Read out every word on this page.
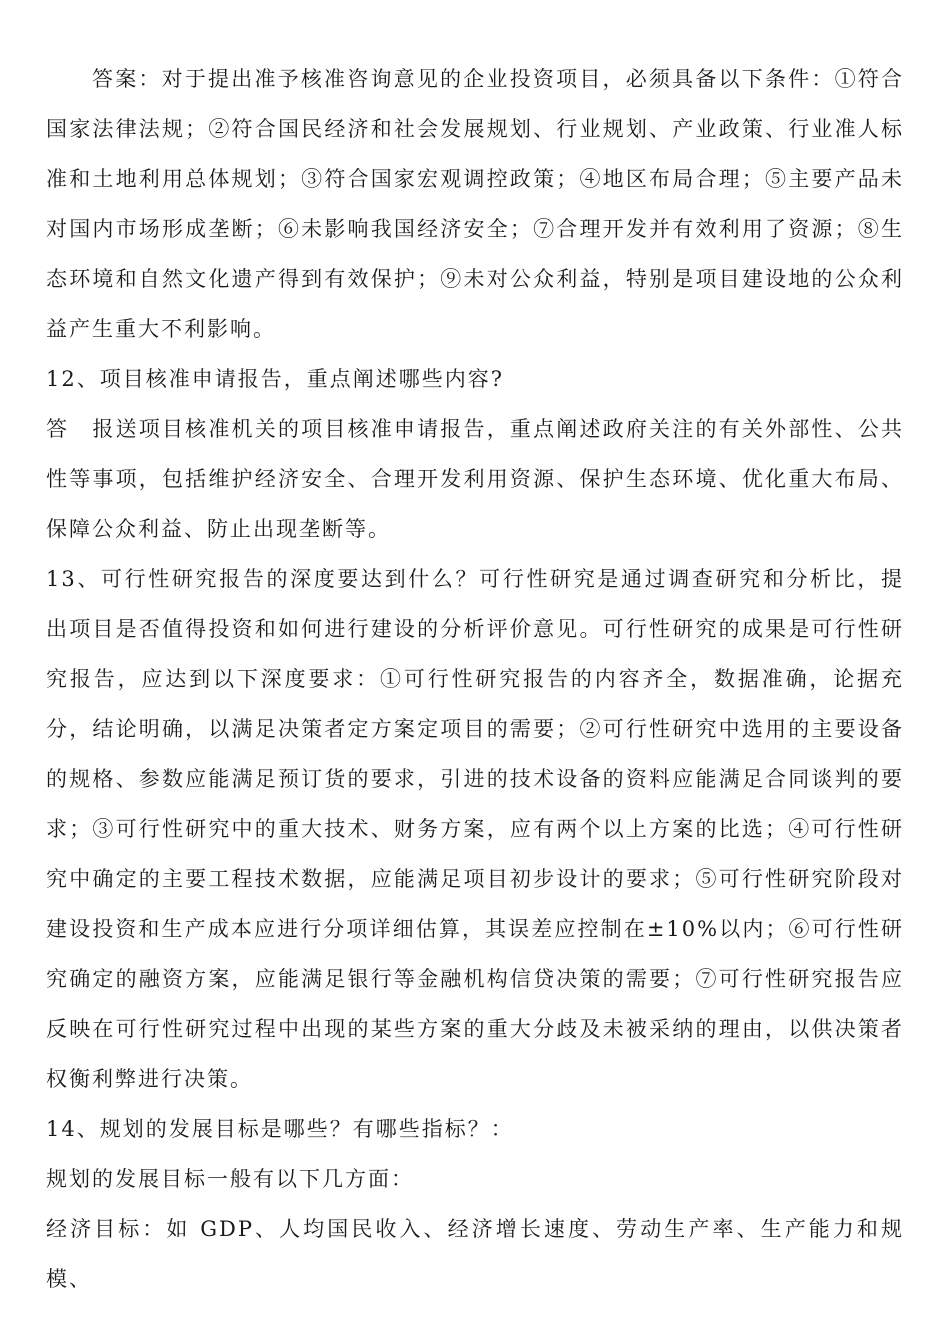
答案：对于提出准予核准咨询意见的企业投资项目，必须具备以下条件：①符合国家法律法规；②符合国民经济和社会发展规划、行业规划、产业政策、行业准人标准和土地利用总体规划；③符合国家宏观调控政策；④地区布局合理；⑤主要产品未对国内市场形成垄断；⑥未影响我国经济安全；⑦合理开发并有效利用了资源；⑧生态环境和自然文化遗产得到有效保护；⑨未对公众利益，特别是项目建设地的公众利益产生重大不利影响。

12、项目核准申请报告，重点阐述哪些内容?

答　报送项目核准机关的项目核准申请报告，重点阐述政府关注的有关外部性、公共性等事项，包括维护经济安全、合理开发利用资源、保护生态环境、优化重大布局、保障公众利益、防止出现垄断等。

13、可行性研究报告的深度要达到什么？可行性研究是通过调查研究和分析比，提出项目是否值得投资和如何进行建设的分析评价意见。可行性研究的成果是可行性研究报告，应达到以下深度要求：①可行性研究报告的内容齐全，数据准确，论据充分，结论明确，以满足决策者定方案定项目的需要；②可行性研究中选用的主要设备的规格、参数应能满足预订货的要求，引进的技术设备的资料应能满足合同谈判的要求；③可行性研究中的重大技术、财务方案，应有两个以上方案的比选；④可行性研究中确定的主要工程技术数据，应能满足项目初步设计的要求；⑤可行性研究阶段对建设投资和生产成本应进行分项详细估算，其误差应控制在±10%以内；⑥可行性研究确定的融资方案，应能满足银行等金融机构信贷决策的需要；⑦可行性研究报告应反映在可行性研究过程中出现的某些方案的重大分歧及未被采纳的理由，以供决策者权衡利弊进行决策。

14、规划的发展目标是哪些？有哪些指标？：

规划的发展目标一般有以下几方面：

经济目标：如 GDP、人均国民收入、经济增长速度、劳动生产率、生产能力和规模、
